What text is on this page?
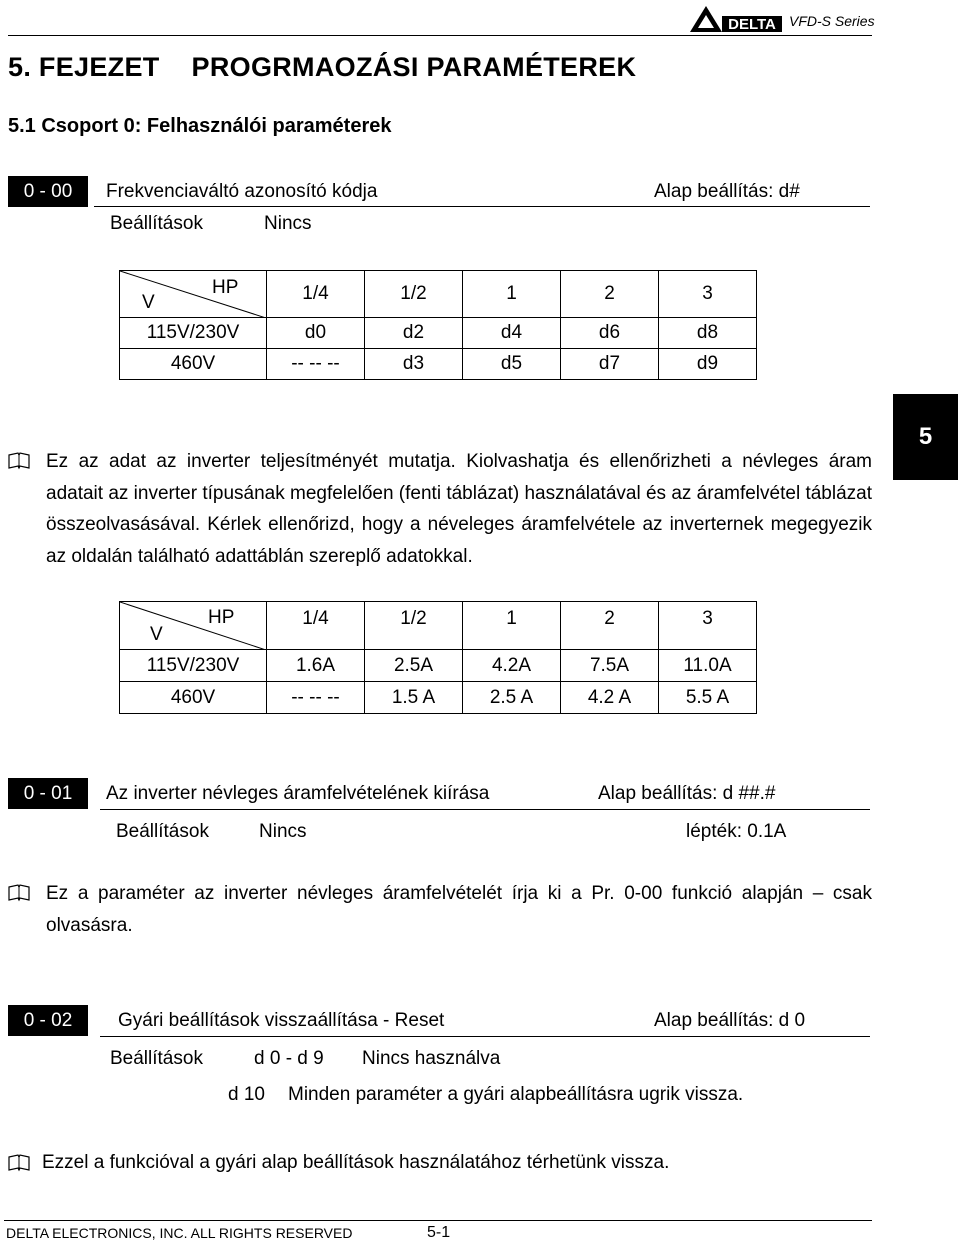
DELTA VFD-S Series
5. FEJEZET PROGRMAOZÁSI PARAMÉTEREK
5.1 Csoport 0: Felhasználói paraméterek
5
0 - 00	Frekvenciaváltó azonosító kódja	Alap beállítás: d#
Beállítások	Nincs
HP
V	1/4	1/2	1	2	3
115V/230V	d0	d2	d4	d6	d8
460V	-- -- --	d3	d5	d7	d9
Ez az adat az inverter teljesítményét mutatja. Kiolvashatja és ellenőrizheti a névleges áram adatait az inverter típusának megfelelően (fenti táblázat) használatával és az áramfelvétel táblázat összeolvasásával. Kérlek ellenőrizd, hogy a néveleges áramfelvétele az inverternek megegyezik az oldalán található adattáblán szereplő adatokkal.
HP
V	1/4	1/2	1	2	3
115V/230V	1.6A	2.5A	4.2A	7.5A	11.0A
460V	-- -- --	1.5 A	2.5 A	4.2 A	5.5 A
0 - 01	Az inverter névleges áramfelvételének kiírása	Alap beállítás: d ##.#
Beállítások	Nincs	lépték: 0.1A
Ez a paraméter az inverter névleges áramfelvételét írja ki a Pr. 0-00 funkció alapján – csak olvasásra.
0 - 02	Gyári beállítások visszaállítása - Reset	Alap beállítás: d 0
Beállítások	d 0 - d 9 Nincs használva
d 10 Minden paraméter a gyári alapbeállításra ugrik vissza.
Ezzel a funkcióval a gyári alap beállítások használatához térhetünk vissza.
DELTA ELECTRONICS, INC. ALL RIGHTS RESERVED	5-1
